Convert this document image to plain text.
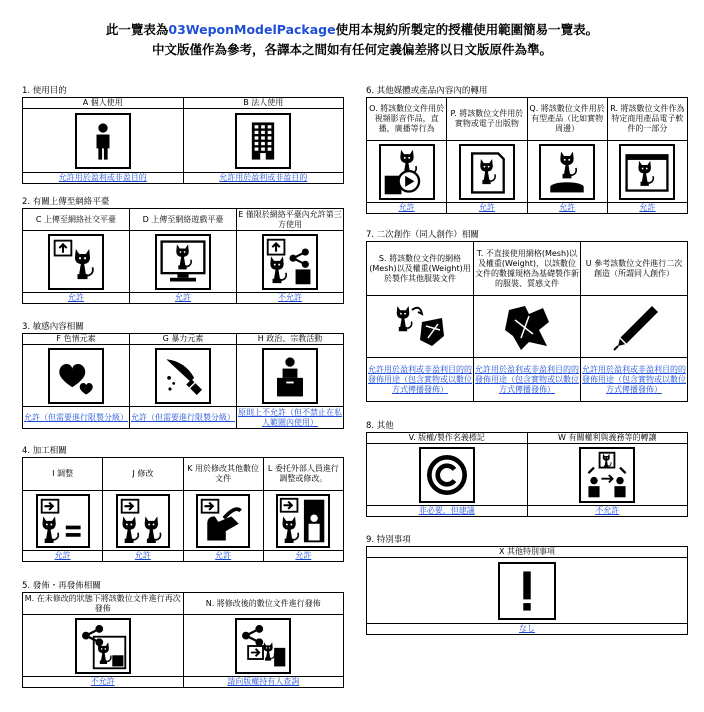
此一覽表為03WeponModelPackage使用本規約所製定的授權使用範圍簡易一覽表。
中文版僅作為參考，各譯本之間如有任何定義偏差將以日文版原件為準。
1. 使用目的
A 個人使用	B 法人使用

允許用於盈利或非盈目的	允許用於盈利或非盈目的
2. 有關上傳至網絡平臺
C 上傳至網絡社交平臺	D 上傳至網絡遊戲平臺	E 僅限於網絡平臺內允許第三方使用

允許	允許	不允許
3. 敏感內容相關
F 色情元素	G 暴力元素	H 政治、宗教活動

允許（但需要進行限製分級）	允許（但需要進行限製分級）	原則上不允許（但不禁止在私人範圍內使用）
4. 加工相關
I 調整	J 修改	K 用於修改其他數位文件	L 委托外部人員進行調整或修改。

允許	允許	允許	允許
5. 發佈・再發佈相關
M. 在未修改的狀態下將該數位文件進行再次發佈	N. 將修改後的數位文件進行發佈

不允許	請向版權持有人查詢
6. 其他媒體或產品內容內的轉用
O. 將該數位文件用於視頻影音作品，直播，廣播等行為	P. 將該數位文件用於實物或電子出版物	Q. 將該數位文件用於有型產品（比如實物周邊）	R. 將該數位文件作為特定商用產品電子軟件的一部分

允許	允許	允許	允許
7. 二次創作（同人創作）相關
S. 將該數位文件的網格(Mesh)以及權重(Weight)用於製作其他服裝文件	T. 不直接使用網格(Mesh)以及權重(Weight)，以該數位文件的數據規格為基礎製作新的服裝、質感文件	U 參考該數位文件進行二次創造（所謂同人創作）

允許用於盈利或非盈利目的的發佈用途（包含實物或以數位方式傳播發佈）	允許用於盈利或非盈利目的的發佈用途（包含實物或以數位方式傳播發佈）	允許用於盈利或非盈利目的的發佈用途（包含實物或以數位方式傳播發佈）
8. 其他
V. 版權/製作名義標記	W 有關權利與義務等的轉讓

非必要，但建議	不允許
9. 特別事項
X 其他特別事項

なし
